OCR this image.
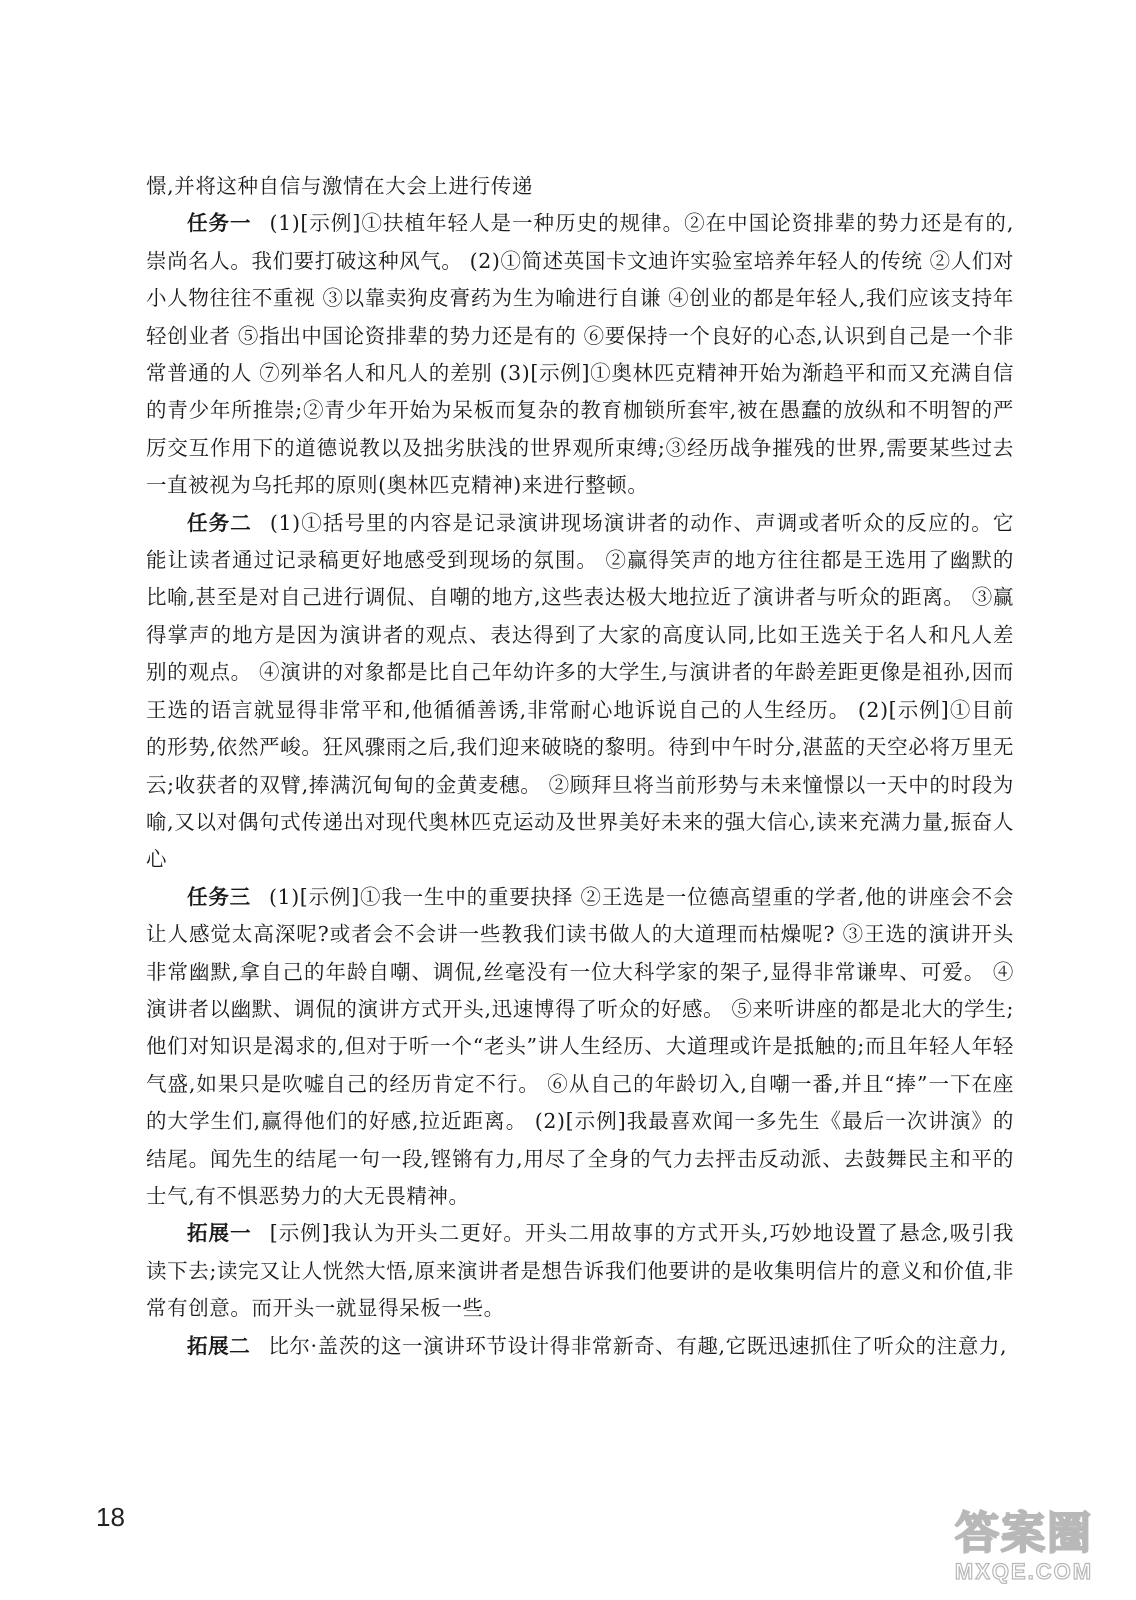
憬,并将这种自信与激情在大会上进行传递

任务一 (1)[示例]①扶植年轻人是一种历史的规律。②在中国论资排辈的势力还是有的,崇尚名人。我们要打破这种风气。 (2)①简述英国卡文迪许实验室培养年轻人的传统 ②人们对小人物往往不重视 ③以靠卖狗皮膏药为生为喻进行自谦 ④创业的都是年轻人,我们应该支持年轻创业者 ⑤指出中国论资排辈的势力还是有的 ⑥要保持一个良好的心态,认识到自己是一个非常普通的人 ⑦列举名人和凡人的差别 (3)[示例]①奥林匹克精神开始为渐趋平和而又充满自信的青少年所推崇;②青少年开始为呆板而复杂的教育枷锁所套牢,被在愚蠢的放纵和不明智的严厉交互作用下的道德说教以及拙劣肤浅的世界观所束缚;③经历战争摧残的世界,需要某些过去一直被视为乌托邦的原则(奥林匹克精神)来进行整顿。

任务二 (1)①括号里的内容是记录演讲现场演讲者的动作、声调或者听众的反应的。它能让读者通过记录稿更好地感受到现场的氛围。 ②赢得笑声的地方往往都是王选用了幽默的比喻,甚至是对自己进行调侃、自嘲的地方,这些表达极大地拉近了演讲者与听众的距离。 ③赢得掌声的地方是因为演讲者的观点、表达得到了大家的高度认同,比如王选关于名人和凡人差别的观点。 ④演讲的对象都是比自己年幼许多的大学生,与演讲者的年龄差距更像是祖孙,因而王选的语言就显得非常平和,他循循善诱,非常耐心地诉说自己的人生经历。 (2)[示例]①目前的形势,依然严峻。狂风骤雨之后,我们迎来破晓的黎明。待到中午时分,湛蓝的天空必将万里无云;收获者的双臂,捧满沉甸甸的金黄麦穗。 ②顾拜旦将当前形势与未来憧憬以一天中的时段为喻,又以对偶句式传递出对现代奥林匹克运动及世界美好未来的强大信心,读来充满力量,振奋人心

任务三 (1)[示例]①我一生中的重要抉择 ②王选是一位德高望重的学者,他的讲座会不会让人感觉太高深呢?或者会不会讲一些教我们读书做人的大道理而枯燥呢? ③王选的演讲开头非常幽默,拿自己的年龄自嘲、调侃,丝毫没有一位大科学家的架子,显得非常谦卑、可爱。 ④演讲者以幽默、调侃的演讲方式开头,迅速博得了听众的好感。 ⑤来听讲座的都是北大的学生;他们对知识是渴求的,但对于听一个“老头”讲人生经历、大道理或许是抵触的;而且年轻人年轻气盛,如果只是吹嘘自己的经历肯定不行。 ⑥从自己的年龄切入,自嘲一番,并且“捧”一下在座的大学生们,赢得他们的好感,拉近距离。 (2)[示例]我最喜欢闻一多先生《最后一次讲演》的结尾。闻先生的结尾一句一段,铿锵有力,用尽了全身的气力去抨击反动派、去鼓舞民主和平的士气,有不惧恶势力的大无畏精神。

拓展一 [示例]我认为开头二更好。开头二用故事的方式开头,巧妙地设置了悬念,吸引我读下去;读完又让人恍然大悟,原来演讲者是想告诉我们他要讲的是收集明信片的意义和价值,非常有创意。而开头一就显得呆板一些。

拓展二 比尔·盖茨的这一演讲环节设计得非常新奇、有趣,它既迅速抓住了听众的注意力,

18	答案圈
MXQE.COM
